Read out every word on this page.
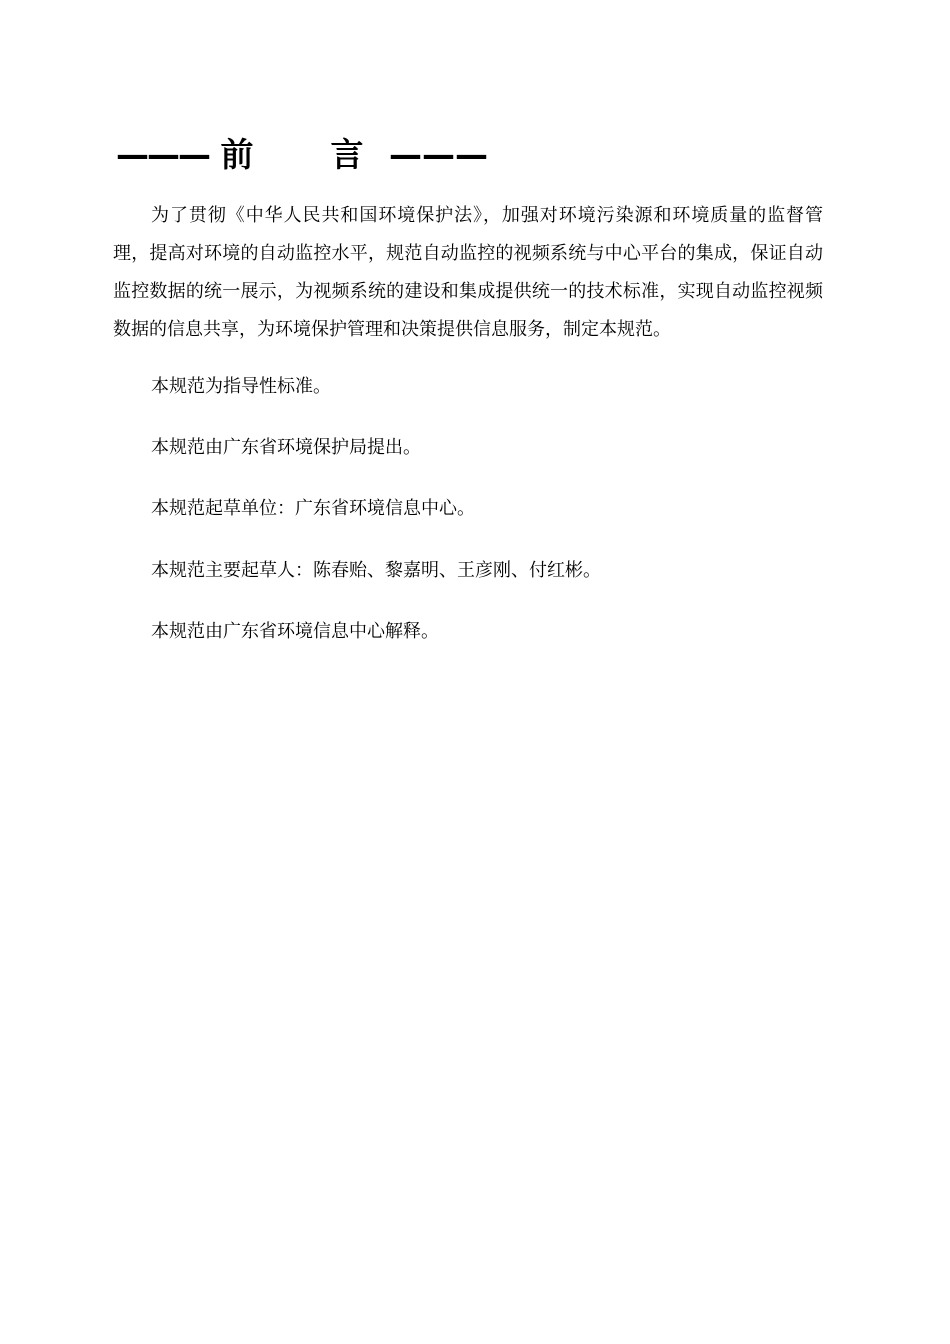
——— 前 言 ———

为了贯彻《中华人民共和国环境保护法》，加强对环境污染源和环境质量的监督管理，提高对环境的自动监控水平，规范自动监控的视频系统与中心平台的集成，保证自动监控数据的统一展示，为视频系统的建设和集成提供统一的技术标准，实现自动监控视频数据的信息共享，为环境保护管理和决策提供信息服务，制定本规范。

本规范为指导性标准。

本规范由广东省环境保护局提出。

本规范起草单位：广东省环境信息中心。

本规范主要起草人：陈春贻、黎嘉明、王彦刚、付红彬。

本规范由广东省环境信息中心解释。
